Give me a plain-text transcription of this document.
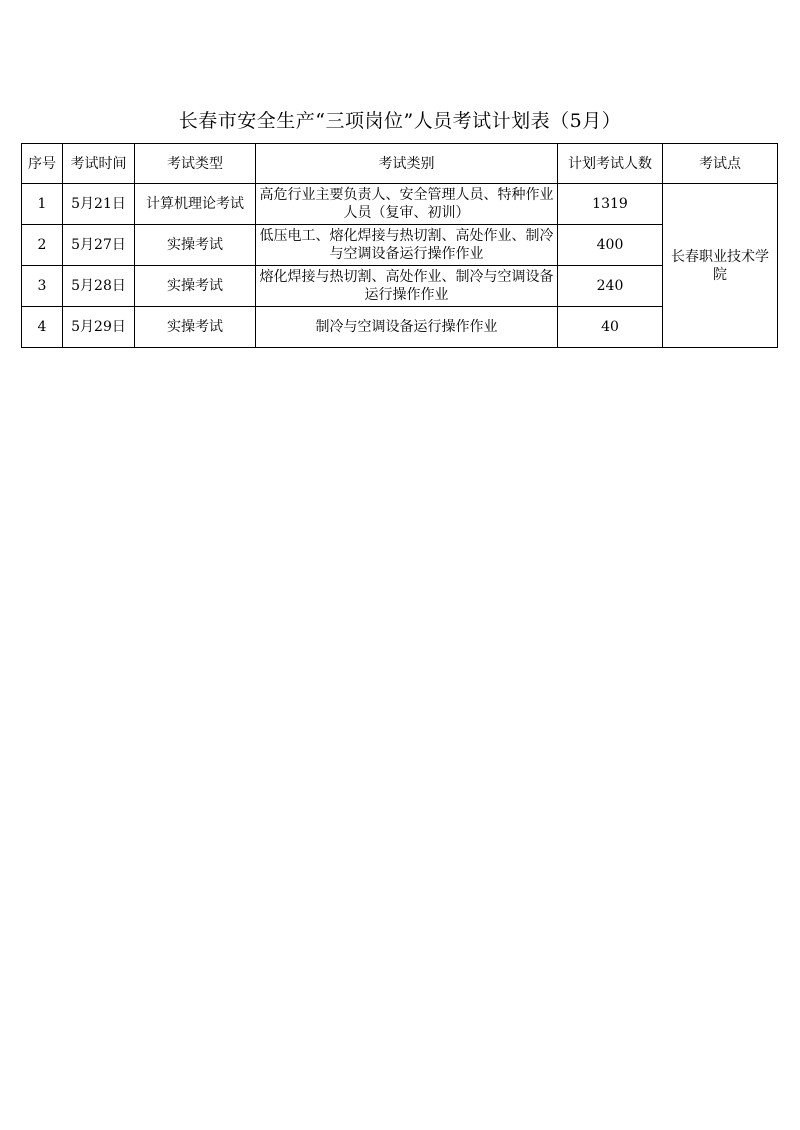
长春市安全生产“三项岗位”人员考试计划表（5月）
序号	考试时间	考试类型	考试类别	计划考试人数	考试点
1	5月21日	计算机理论考试	高危行业主要负责人、安全管理人员、特种作业人员（复审、初训）	1319	长春职业技术学院
2	5月27日	实操考试	低压电工、熔化焊接与热切割、高处作业、制冷与空调设备运行操作作业	400	
3	5月28日	实操考试	熔化焊接与热切割、高处作业、制冷与空调设备运行操作作业	240	
4	5月29日	实操考试	制冷与空调设备运行操作作业	40	
